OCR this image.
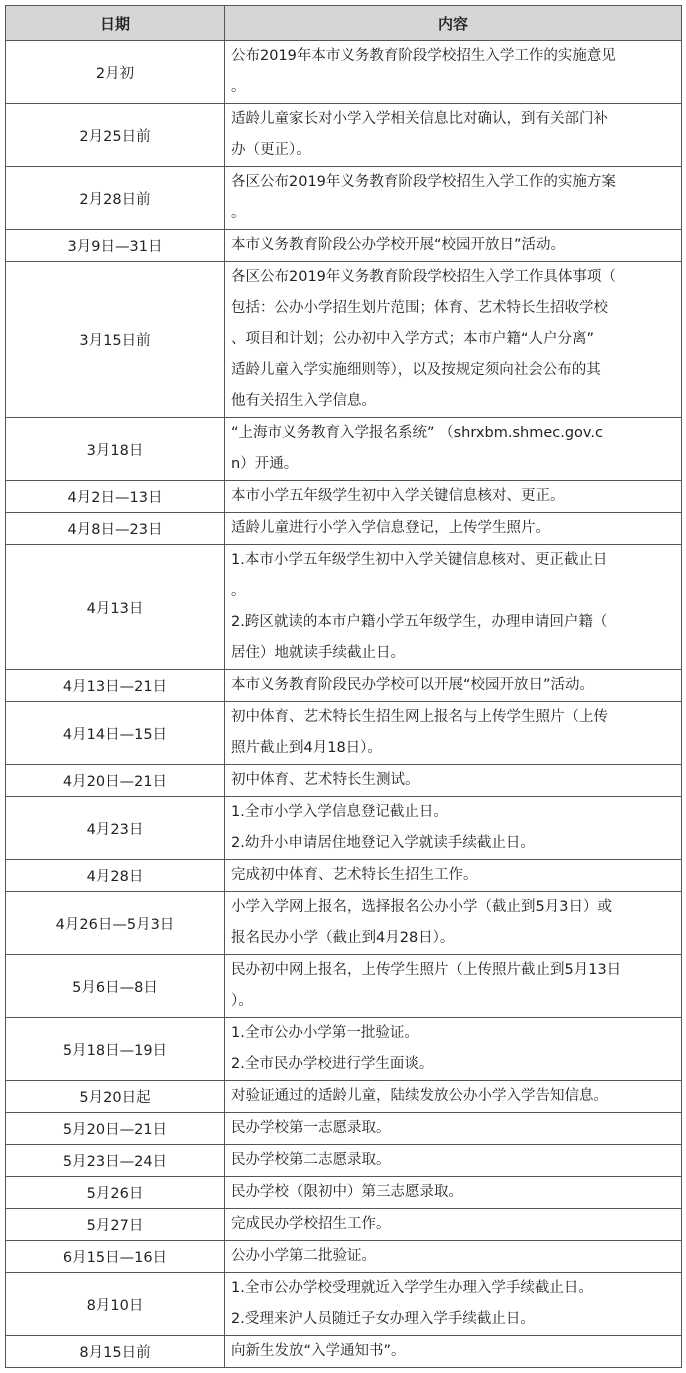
日期	内容
2月初	公布2019年本市义务教育阶段学校招生入学工作的实施意见
。

2月25日前	适龄儿童家长对小学入学相关信息比对确认，到有关部门补
办（更正）。

2月28日前	各区公布2019年义务教育阶段学校招生入学工作的实施方案
。

3月9日—31日	本市义务教育阶段公办学校开展“校园开放日”活动。

3月15日前	各区公布2019年义务教育阶段学校招生入学工作具体事项（
包括：公办小学招生划片范围；体育、艺术特长生招收学校
、项目和计划；公办初中入学方式；本市户籍“人户分离”
适龄儿童入学实施细则等），以及按规定须向社会公布的其
他有关招生入学信息。

3月18日	“上海市义务教育入学报名系统” （shrxbm.shmec.gov.c
n）开通。

4月2日—13日	本市小学五年级学生初中入学关键信息核对、更正。

4月8日—23日	适龄儿童进行小学入学信息登记，上传学生照片。

4月13日	1.本市小学五年级学生初中入学关键信息核对、更正截止日
。
2.跨区就读的本市户籍小学五年级学生，办理申请回户籍（
居住）地就读手续截止日。

4月13日—21日	本市义务教育阶段民办学校可以开展“校园开放日”活动。

4月14日—15日	初中体育、艺术特长生招生网上报名与上传学生照片（上传
照片截止到4月18日）。

4月20日—21日	初中体育、艺术特长生测试。

4月23日	1.全市小学入学信息登记截止日。
2.幼升小申请居住地登记入学就读手续截止日。

4月28日	完成初中体育、艺术特长生招生工作。

4月26日—5月3日	小学入学网上报名，选择报名公办小学（截止到5月3日）或
报名民办小学（截止到4月28日）。

5月6日—8日	民办初中网上报名，上传学生照片（上传照片截止到5月13日
）。

5月18日—19日	1.全市公办小学第一批验证。
2.全市民办学校进行学生面谈。

5月20日起	对验证通过的适龄儿童，陆续发放公办小学入学告知信息。

5月20日—21日	民办学校第一志愿录取。

5月23日—24日	民办学校第二志愿录取。

5月26日	民办学校（限初中）第三志愿录取。

5月27日	完成民办学校招生工作。

6月15日—16日	公办小学第二批验证。

8月10日	1.全市公办学校受理就近入学学生办理入学手续截止日。
2.受理来沪人员随迁子女办理入学手续截止日。

8月15日前	向新生发放“入学通知书”。
